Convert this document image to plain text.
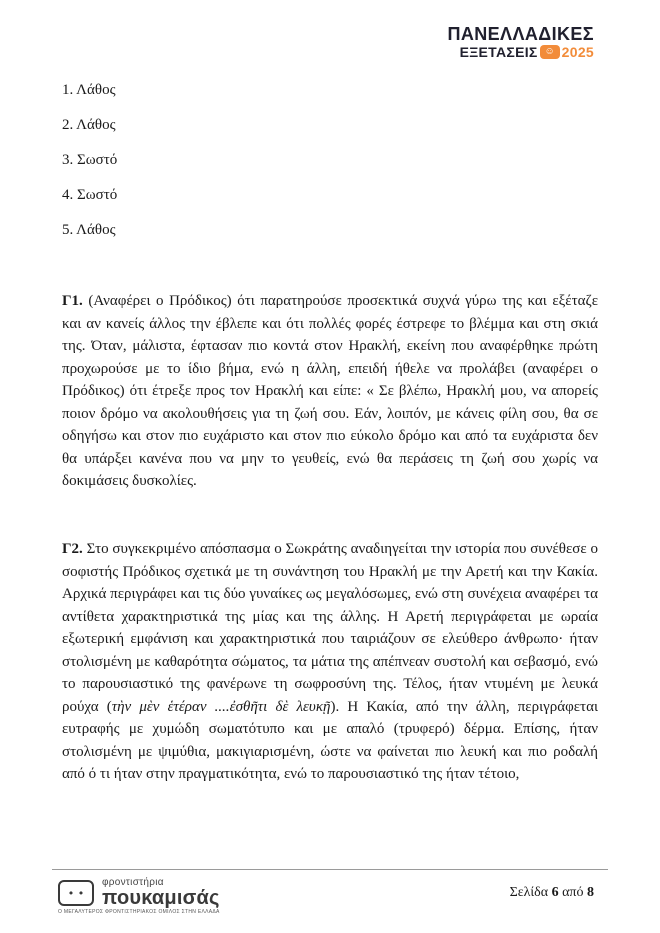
ΠΑΝΕΛΛΑΔΙΚΕΣ
ΕΞΕΤΑΣΕΙΣ ☺ 2025
1. Λάθος
2. Λάθος
3. Σωστό
4. Σωστό
5. Λάθος

Γ1. (Αναφέρει ο Πρόδικος) ότι παρατηρούσε προσεκτικά συχνά γύρω της και εξέταζε και αν κανείς άλλος την έβλεπε και ότι πολλές φορές έστρεφε το βλέμμα και στη σκιά της. Όταν, μάλιστα, έφτασαν πιο κοντά στον Ηρακλή, εκείνη που αναφέρθηκε πρώτη προχωρούσε με το ίδιο βήμα, ενώ η άλλη, επειδή ήθελε να προλάβει (αναφέρει ο Πρόδικος) ότι έτρεξε προς τον Ηρακλή και είπε: « Σε βλέπω, Ηρακλή μου, να απορείς ποιον δρόμο να ακολουθήσεις για τη ζωή σου. Εάν, λοιπόν, με κάνεις φίλη σου, θα σε οδηγήσω και στον πιο ευχάριστο και στον πιο εύκολο δρόμο και από τα ευχάριστα δεν θα υπάρξει κανένα που να μην το γευθείς, ενώ θα περάσεις τη ζωή σου χωρίς να δοκιμάσεις δυσκολίες.

Γ2. Στο συγκεκριμένο απόσπασμα ο Σωκράτης αναδιηγείται την ιστορία που συνέθεσε ο σοφιστής Πρόδικος σχετικά με τη συνάντηση του Ηρακλή με την Αρετή και την Κακία. Αρχικά περιγράφει και τις δύο γυναίκες ως μεγαλόσωμες, ενώ στη συνέχεια αναφέρει τα αντίθετα χαρακτηριστικά της μίας και της άλλης. Η Αρετή περιγράφεται με ωραία εξωτερική εμφάνιση και χαρακτηριστικά που ταιριάζουν σε ελεύθερο άνθρωπο· ήταν στολισμένη με καθαρότητα σώματος, τα μάτια της απέπνεαν συστολή και σεβασμό, ενώ το παρουσιαστικό της φανέρωνε τη σωφροσύνη της. Τέλος, ήταν ντυμένη με λευκά ρούχα (τὴν μὲν ἑτέραν ....ἐσθῆτι δὲ λευκῇ). Η Κακία, από την άλλη, περιγράφεται ευτραφής με χυμώδη σωματότυπο και με απαλό (τρυφερό) δέρμα. Επίσης, ήταν στολισμένη με ψιμύθια, μακιγιαρισμένη, ώστε να φαίνεται πιο λευκή και πιο ροδαλή από ό τι ήταν στην πραγματικότητα, ενώ το παρουσιαστικό της ήταν τέτοιο,

• •
φροντιστήρια
πουκαμισάς
Ο ΜΕΓΑΛΥΤΕΡΟΣ ΦΡΟΝΤΙΣΤΗΡΙΑΚΟΣ ΟΜΙΛΟΣ ΣΤΗΝ ΕΛΛΑΔΑ
Σελίδα 6 από 8
